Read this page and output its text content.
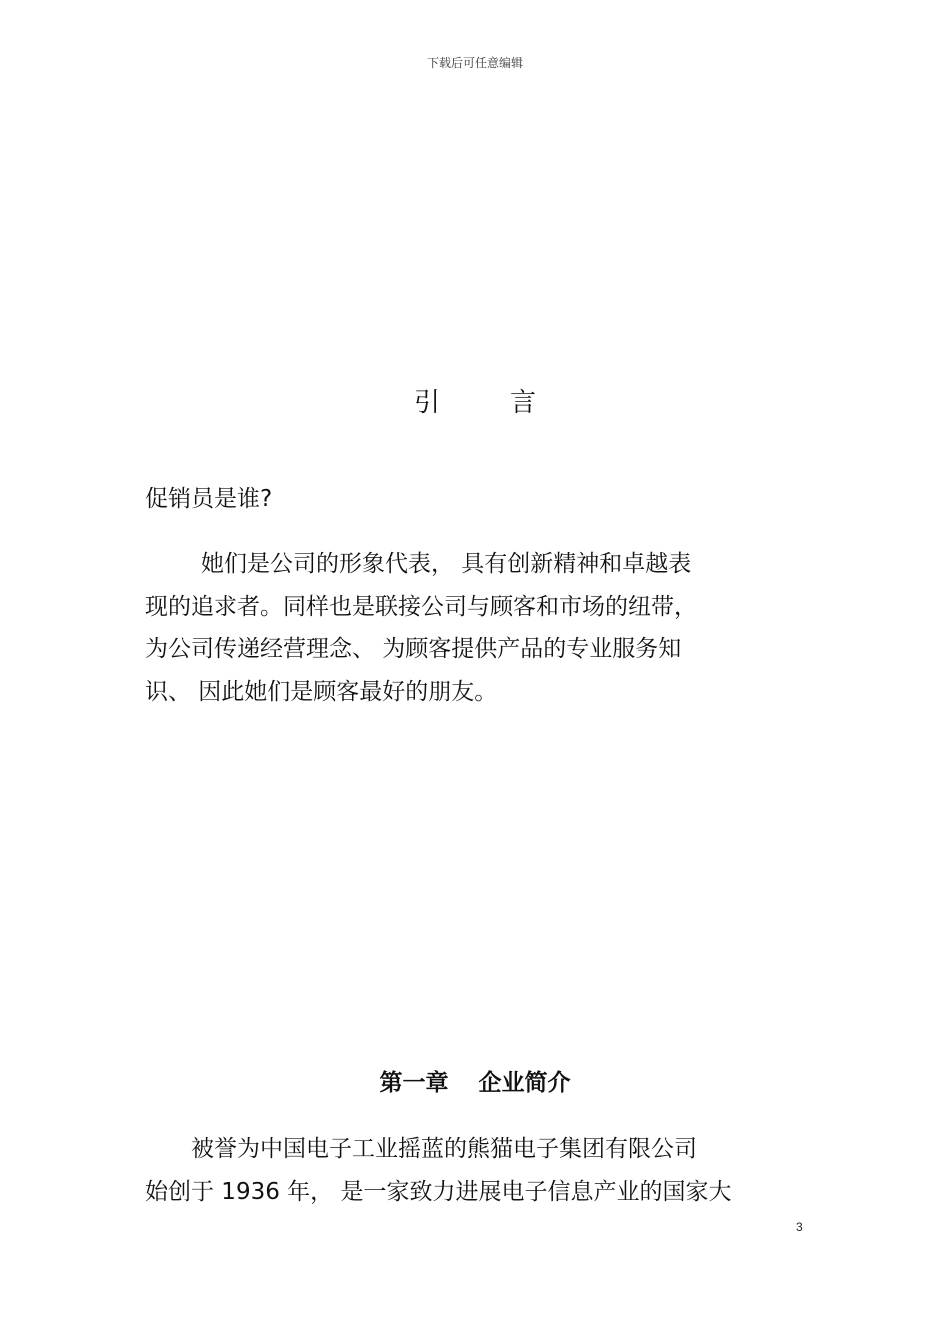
下载后可任意编辑
引	言
促销员是谁?
她们是公司的形象代表， 具有创新精神和卓越表
现的追求者。同样也是联接公司与顾客和市场的纽带，
为公司传递经营理念、 为顾客提供产品的专业服务知
识、 因此她们是顾客最好的朋友。
第一章 企业简介
被誉为中国电子工业摇蓝的熊猫电子集团有限公司
始创于 1936 年， 是一家致力进展电子信息产业的国家大
3
